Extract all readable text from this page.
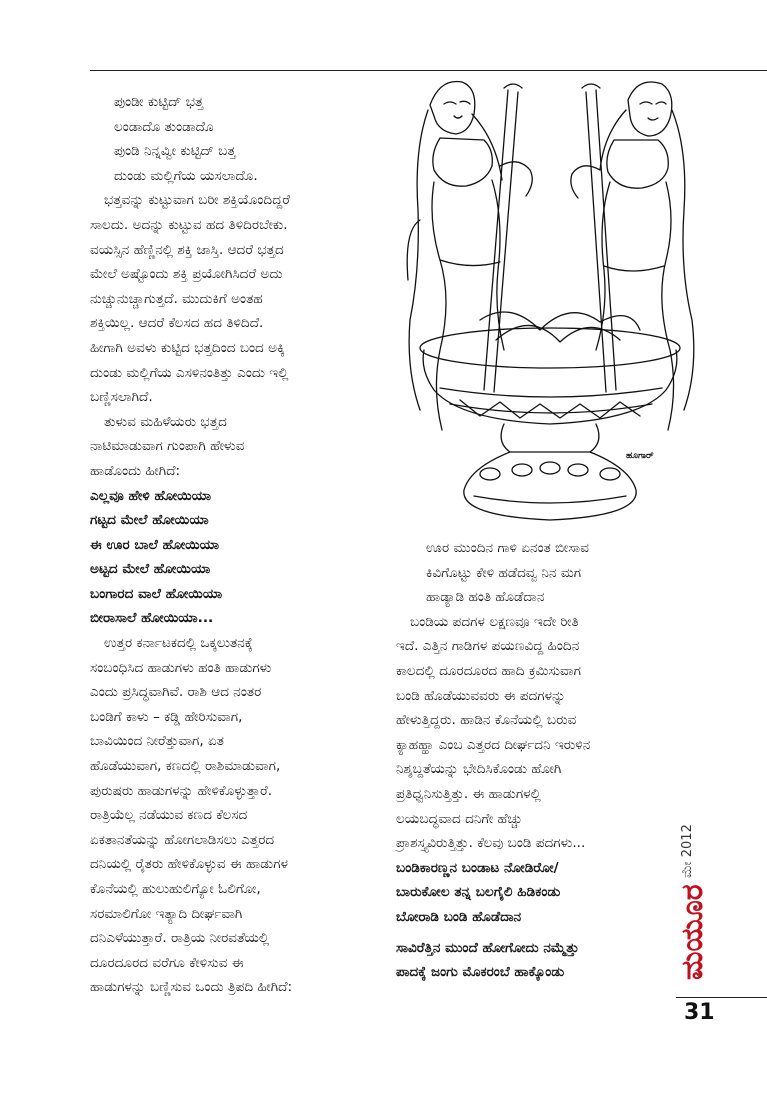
ಪುಂಡೀ ಕುಟ್ಟಿದ್ ಭತ್ತ
ಲಂಡಾದೊ ತುಂಡಾದೊ
ಪುಂಡಿ ನಿನ್ನವ್ವೀ ಕುಟ್ಟಿದ್ ಬತ್ತ
ದುಂಡು ಮಲ್ಲಿಗೆಯ ಯಸಲಾದೊ.
ಭತ್ತವನ್ನು ಕುಟ್ಟುವಾಗ ಬರೀ ಶಕ್ತಿಯೊಂದಿದ್ದರೆ
ಸಾಲದು. ಅದನ್ನು ಕುಟ್ಟುವ ಹದ ತಿಳಿದಿರಬೇಕು.
ವಯಸ್ಸಿನ ಹೆಣ್ಣಿನಲ್ಲಿ ಶಕ್ತಿ ಜಾಸ್ತಿ. ಆದರೆ ಭತ್ತದ
ಮೇಲೆ ಅಷ್ಟೊಂದು ಶಕ್ತಿ ಪ್ರಯೋಗಿಸಿದರೆ ಅದು
ನುಚ್ಚುನುಚ್ಚಾಗುತ್ತದೆ. ಮುದುಕಿಗೆ ಅಂತಹ
ಶಕ್ತಿಯಿಲ್ಲ. ಆದರೆ ಕೆಲಸದ ಹದ ತಿಳಿದಿದೆ.
ಹೀಗಾಗಿ ಅವಳು ಕುಟ್ಟಿದ ಭತ್ತದಿಂದ ಬಂದ ಅಕ್ಕಿ
ದುಂಡು ಮಲ್ಲಿಗೆಯ ಎಸಳಿನಂತಿತ್ತು ಎಂದು ಇಲ್ಲಿ
ಬಣ್ಣಿಸಲಾಗಿದೆ.
ತುಳುವ ಮಹಿಳೆಯರು ಭತ್ತದ
ನಾಟಿಮಾಡುವಾಗ ಗುಂಪಾಗಿ ಹೇಳುವ
ಹಾಡೊಂದು ಹೀಗಿದೆ:
ಎಲ್ಲವೂ ಹೇಳಿ ಹೋಯಿಯಾ
ಗಟ್ಟದ ಮೇಲೆ ಹೋಯಿಯಾ
ಈ ಊರ ಬಾಲೆ ಹೋಯಿಯಾ
ಅಟ್ಟದ ಮೇಲೆ ಹೋಯಿಯಾ
ಬಂಗಾರದ ವಾಲೆ ಹೋಯಿಯಾ
ಬೀರಾಸಾಲೆ ಹೋಯಿಯಾ...
ಉತ್ತರ ಕರ್ನಾಟಕದಲ್ಲಿ ಒಕ್ಕಲುತನಕ್ಕೆ
ಸಂಬಂಧಿಸಿದ ಹಾಡುಗಳು ಹಂತಿ ಹಾಡುಗಳು
ಎಂದು ಪ್ರಸಿದ್ಧವಾಗಿವೆ. ರಾಶಿ ಆದ ನಂತರ
ಬಂಡಿಗೆ ಕಾಳು – ಕಡ್ಡಿ ಹೇರಿಸುವಾಗ,
ಬಾವಿಯಿಂದ ನೀರೆತ್ತುವಾಗ, ಏತ
ಹೊಡೆಯುವಾಗ, ಕಣದಲ್ಲಿ ರಾಶಿಮಾಡುವಾಗ,
ಪುರುಷರು ಹಾಡುಗಳನ್ನು ಹೇಳಿಕೊಳ್ಳುತ್ತಾರೆ.
ರಾತ್ರಿಯೆಲ್ಲ ನಡೆಯುವ ಕಣದ ಕೆಲಸದ
ಏಕತಾನತೆಯನ್ನು ಹೋಗಲಾಡಿಸಲು ಎತ್ತರದ
ದನಿಯಲ್ಲಿ ರೈತರು ಹೇಳಿಕೊಳ್ಳುವ ಈ ಹಾಡುಗಳ
ಕೊನೆಯಲ್ಲಿ ಹುಲುಹುಲಿಗ್ಯೋ ಓಲಿಗೋ,
ಸರಮಾಲಿಗೋ ಇತ್ಯಾದಿ ದೀರ್ಘವಾಗಿ
ದನಿಎಳೆಯುತ್ತಾರೆ. ರಾತ್ರಿಯ ನೀರವತೆಯಲ್ಲಿ
ದೂರದೂರದ ವರೆಗೂ ಕೇಳಿಸುವ ಈ
ಹಾಡುಗಳನ್ನು ಬಣ್ಣಿಸುವ ಒಂದು ತ್ರಿಪದಿ ಹೀಗಿದೆ:
ಊರ ಮುಂದಿನ ಗಾಳಿ ಏನಂತ ಬೀಸಾವ
ಕಿವಿಗೊಟ್ಟು ಕೇಳಿ ಹಡೆದವ್ವ ನಿನ ಮಗ
ಹಾಡ್ಯಾಡಿ ಹಂತಿ ಹೊಡೆದಾನ
ಬಂಡಿಯ ಪದಗಳ ಲಕ್ಷಣವೂ ಇದೇ ರೀತಿ
ಇದೆ. ಎತ್ತಿನ ಗಾಡಿಗಳ ಪಯಣವಿದ್ದ ಹಿಂದಿನ
ಕಾಲದಲ್ಲಿ ದೂರದೂರದ ಹಾದಿ ಕ್ರಮಿಸುವಾಗ
ಬಂಡಿ ಹೊಡೆಯುವವರು ಈ ಪದಗಳನ್ನು
ಹೇಳುತ್ತಿದ್ದರು. ಹಾಡಿನ ಕೊನೆಯಲ್ಲಿ ಬರುವ
ಕ್ಯಾಹಹ್ಹಾ ಎಂಬ ಎತ್ತರದ ದೀರ್ಘದನಿ ಇರುಳಿನ
ನಿಶ್ಶಬ್ದತೆಯನ್ನು ಭೇದಿಸಿಕೊಂಡು ಹೋಗಿ
ಪ್ರತಿಧ್ವನಿಸುತ್ತಿತ್ತು. ಈ ಹಾಡುಗಳಲ್ಲಿ
ಲಯಬದ್ಧವಾದ ದನಿಗೇ ಹೆಚ್ಚು
ಪ್ರಾಶಸ್ತ್ಯವಿರುತ್ತಿತ್ತು. ಕೆಲವು ಬಂಡಿ ಪದಗಳು...
ಬಂಡಿಕಾರಣ್ಣನ ಬಂಡಾಟ ನೋಡಿರೋ/
ಬಾರುಕೋಲ ತನ್ನ ಬಲಗೈಲಿ ಹಿಡಿಕಂಡು
ಬೋರಾಡಿ ಬಂಡಿ ಹೊಡೆದಾನ
ಸಾವಿರೆತ್ತಿನ ಮುಂದೆ ಹೋಗೋದು ನಮ್ಮೆತ್ತು
ಪಾದಕ್ಕೆ ಜಂಗು ಮೊಕರಂಬೆ ಹಾಕ್ಕೊಂಡು
ಹೂಗಾರ್
ಮಯೂರ
ಮೇ 2012
31
